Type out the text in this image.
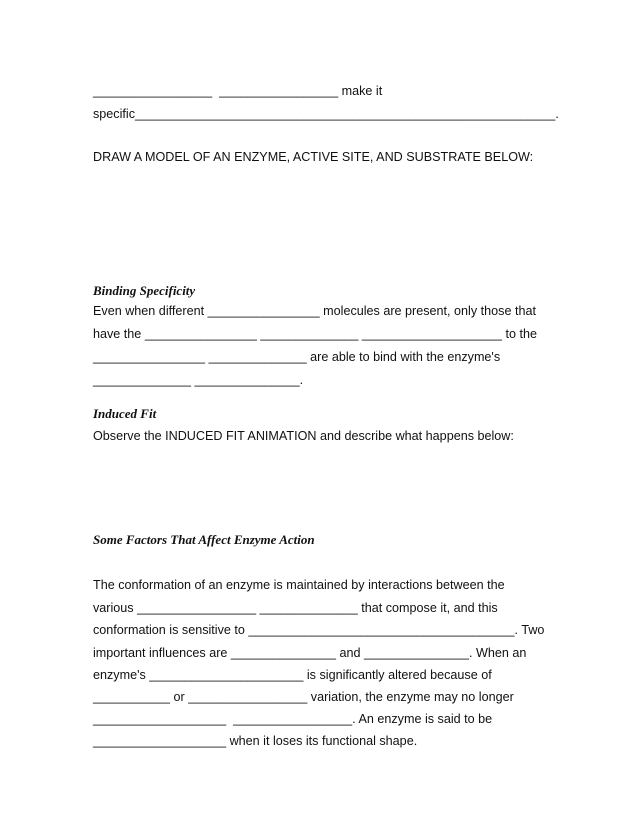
_________________  _________________ make it
specific____________________________________________________________.
DRAW A MODEL OF AN ENZYME, ACTIVE SITE, AND SUBSTRATE BELOW:
Binding Specificity
Even when different ________________ molecules are present, only those that
have the ________________ ______________ ____________________ to the
________________ ______________ are able to bind with the enzyme's
______________ _______________.
Induced Fit
Observe the INDUCED FIT ANIMATION and describe what happens below:
Some Factors That Affect Enzyme Action
The conformation of an enzyme is maintained by interactions between the
various _________________ ______________ that compose it, and this
conformation is sensitive to ______________________________________. Two
important influences are _______________ and _______________. When an
enzyme's ______________________ is significantly altered because of
___________ or _________________ variation, the enzyme may no longer
___________________  _________________. An enzyme is said to be
___________________ when it loses its functional shape.
